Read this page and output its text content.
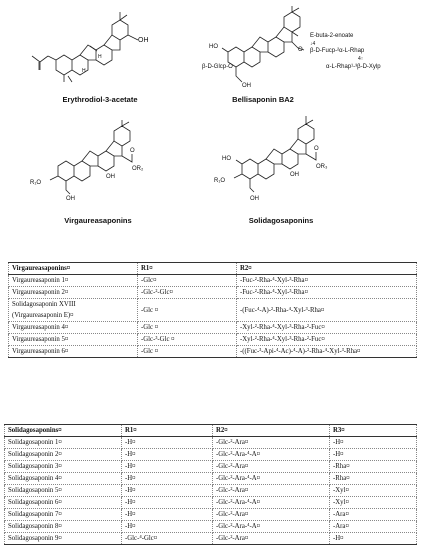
OH
H
H
Erythrodiol-3-acetate
HO
β-D-Glcp-O
OH
O
E-buta-2-enoate
↓4
β-D-Fucp-²α-L-Rhap
4↑
α-L-Rhap¹-³β-D-Xylp
Bellisaponin BA2
R₁O
OH
OH
O
OR₂
Virgaureasaponins
HO
R₁O
OH
OH
O
OR₃
Solidagosaponins
Virgaureasaponins¤	R1¤	R2¤
Virgaureasaponin 1¤	-Glc¤	-Fuc-²-Rha-⁴-Xyl-³-Rha¤
Virgaureasaponin 2¤	-Glc-²-Glc¤	-Fuc-²-Rha-⁴-Xyl-³-Rha¤
Solidagosaponin XVIII
(Virgaureasaponin E)¤	-Glc ¤	-(Fuc-⁴-A)-²-Rha-⁴-Xyl-³-Rha¤
Virgaureasaponin 4¤	-Glc ¤	-Xyl-²-Rha-⁴-Xyl-³-Rha-²-Fuc¤
Virgaureasaponin 5¤	-Glc-³-Glc ¤	-Xyl-²-Rha-⁴-Xyl-³-Rha-²-Fuc¤
Virgaureasaponin 6¤	-Glc ¤	-((Fuc-³-Api-⁴-Ac)-⁴-A)-²-Rha-⁴-Xyl-³-Rha¤
Solidagosaponins¤	R1¤	R2¤	R3¤
Solidagosaponin 1¤	-H¤	-Glc-²-Ara¤	-H¤
Solidagosaponin 2¤	-H¤	-Glc-²-Ara-⁴-A¤	-H¤
Solidagosaponin 3¤	-H¤	-Glc-²-Ara¤	-Rha¤
Solidagosaponin 4¤	-H¤	-Glc-²-Ara-⁴-A¤	-Rha¤
Solidagosaponin 5¤	-H¤	-Glc-²-Ara¤	-Xyl¤
Solidagosaponin 6¤	-H¤	-Glc-²-Ara-⁴-A¤	-Xyl¤
Solidagosaponin 7¤	-H¤	-Glc-²-Ara¤	-Ara¤
Solidagosaponin 8¤	-H¤	-Glc-²-Ara-⁴-A¤	-Ara¤
Solidagosaponin 9¤	-Glc-⁴-Glc¤	-Glc-²-Ara¤	-H¤
